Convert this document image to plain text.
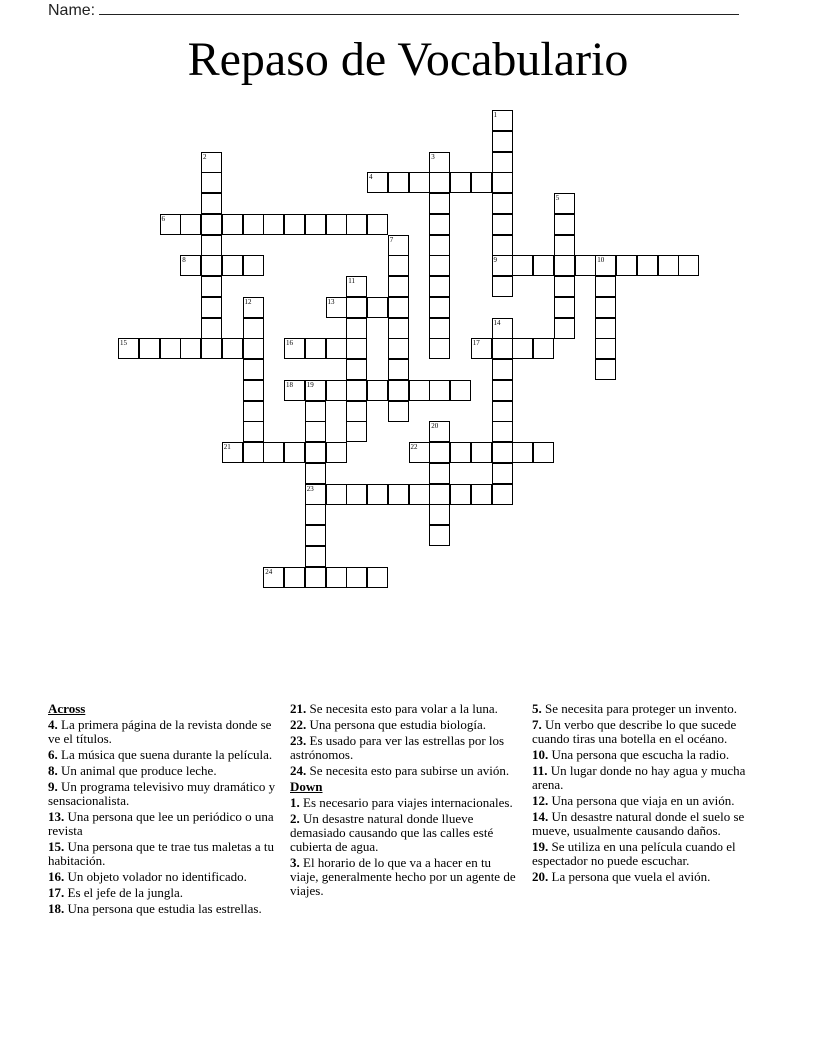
Name:
Repaso de Vocabulario
1
9
2	3
4
5
6
7
8	10
11
12	13
14
15	16	17
18 19
23
20
21	22
24
Across
4. La primera página de la revista donde se ve el títulos.
6. La música que suena durante la película.
8. Un animal que produce leche.
9. Un programa televisivo muy dramático y sensacionalista.
13. Una persona que lee un periódico o una revista
15. Una persona que te trae tus maletas a tu habitación.
16. Un objeto volador no identificado.
17. Es el jefe de la jungla.
18. Una persona que estudia las estrellas.
21. Se necesita esto para volar a la luna.
22. Una persona que estudia biología.
23. Es usado para ver las estrellas por los astrónomos.
24. Se necesita esto para subirse un avión.
Down
1. Es necesario para viajes internacionales.
2. Un desastre natural donde llueve demasiado causando que las calles esté cubierta de agua.
3. El horario de lo que va a hacer en tu viaje, generalmente hecho por un agente de viajes.
5. Se necesita para proteger un invento.
7. Un verbo que describe lo que sucede cuando tiras una botella en el océano.
10. Una persona que escucha la radio.
11. Un lugar donde no hay agua y mucha arena.
12. Una persona que viaja en un avión.
14. Un desastre natural donde el suelo se mueve, usualmente causando daños.
19. Se utiliza en una película cuando el espectador no puede escuchar.
20. La persona que vuela el avión.
